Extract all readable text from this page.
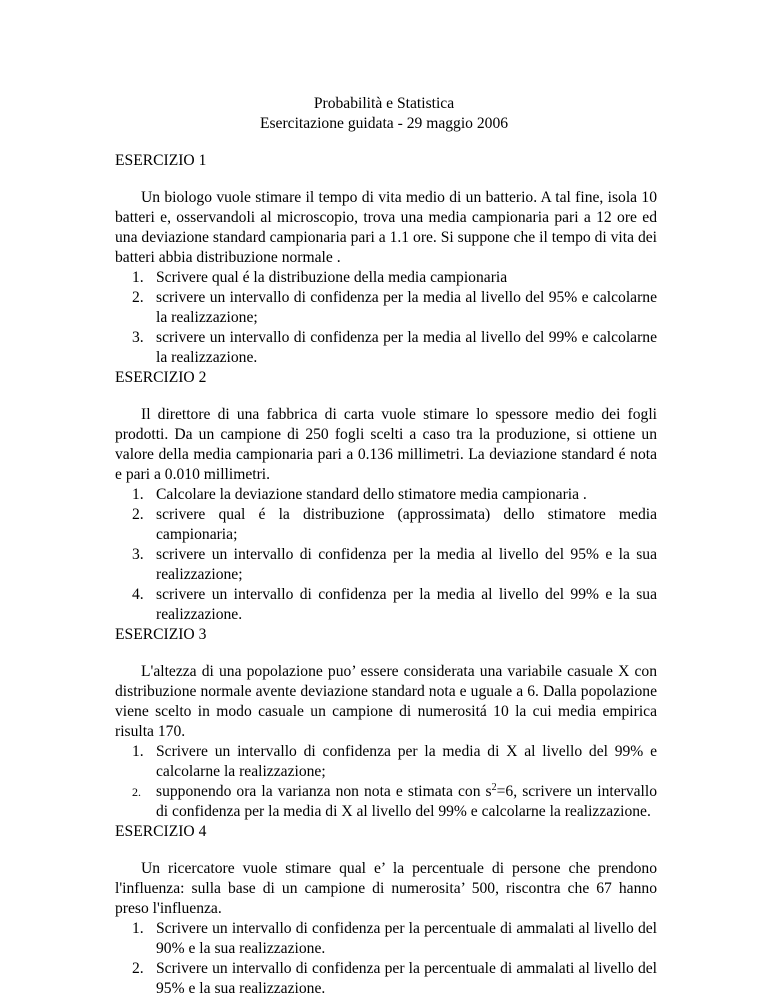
Probabilità e Statistica
Esercitazione guidata - 29 maggio 2006
ESERCIZIO 1
Un biologo vuole stimare il tempo di vita medio di un batterio. A tal fine, isola 10 batteri e, osservandoli al microscopio, trova una media campionaria pari a 12 ore ed una deviazione standard campionaria pari a 1.1 ore. Si suppone che il tempo di vita dei batteri abbia distribuzione normale .
1. Scrivere qual é la distribuzione della media campionaria
2. scrivere un intervallo di confidenza per la media al livello del 95% e calcolarne la realizzazione;
3. scrivere un intervallo di confidenza per la media al livello del 99% e calcolarne la realizzazione.
ESERCIZIO 2
Il direttore di una fabbrica di carta vuole stimare lo spessore medio dei fogli prodotti. Da un campione di 250 fogli scelti a caso tra la produzione, si ottiene un valore della media campionaria pari a 0.136 millimetri. La deviazione standard é nota e pari a 0.010 millimetri.
1. Calcolare la deviazione standard dello stimatore media campionaria .
2. scrivere qual é la distribuzione (approssimata) dello stimatore media campionaria;
3. scrivere un intervallo di confidenza per la media al livello del 95% e la sua realizzazione;
4. scrivere un intervallo di confidenza per la media al livello del 99% e la sua realizzazione.
ESERCIZIO 3
L'altezza di una popolazione puo’ essere considerata una variabile casuale X con distribuzione normale avente deviazione standard nota e uguale a 6. Dalla popolazione viene scelto in modo casuale un campione di numerositá 10 la cui media empirica risulta 170.
1. Scrivere un intervallo di confidenza per la media di X al livello del 99% e calcolarne la realizzazione;
2. supponendo ora la varianza non nota e stimata con $s^2=6$, scrivere un intervallo di confidenza per la media di X al livello del 99% e calcolarne la realizzazione.
ESERCIZIO 4
Un ricercatore vuole stimare qual e’ la percentuale di persone che prendono l'influenza: sulla base di un campione di numerosita’ 500, riscontra che 67 hanno preso l'influenza.
1. Scrivere un intervallo di confidenza per la percentuale di ammalati al livello del 90% e la sua realizzazione.
2. Scrivere un intervallo di confidenza per la percentuale di ammalati al livello del 95% e la sua realizzazione.
